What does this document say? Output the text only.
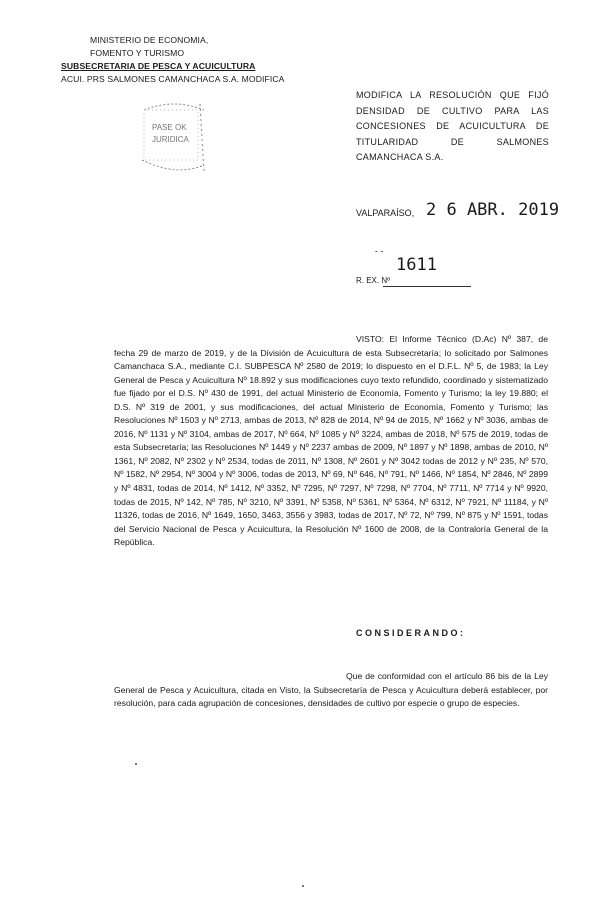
MINISTERIO DE ECONOMIA,
FOMENTO Y TURISMO
SUBSECRETARIA DE PESCA Y ACUICULTURA
ACUI. PRS SALMONES CAMANCHACA S.A. MODIFICA
PASE OK
JURIDICA
MODIFICA LA RESOLUCIÓN QUE FIJÓ DENSIDAD DE CULTIVO PARA LAS CONCESIONES DE ACUICULTURA DE TITULARIDAD DE SALMONES CAMANCHACA S.A.
VALPARAÍSO, 2 6 ABR. 2019
- -
1611
R. EX. Nº
VISTO: El Informe Técnico (D.Ac) Nº 387, de fecha 29 de marzo de 2019, y de la División de Acuicultura de esta Subsecretaría; lo solicitado por Salmones Camanchaca S.A., mediante C.I. SUBPESCA Nº 2580 de 2019; lo dispuesto en el D.F.L. Nº 5, de 1983; la Ley General de Pesca y Acuicultura Nº 18.892 y sus modificaciones cuyo texto refundido, coordinado y sistematizado fue fijado por el D.S. Nº 430 de 1991, del actual Ministerio de Economía, Fomento y Turismo; la ley 19.880; el D.S. Nº 319 de 2001, y sus modificaciones, del actual Ministerio de Economía, Fomento y Turismo; las Resoluciones Nº 1503 y Nº 2713, ambas de 2013, Nº 828 de 2014, Nº 94 de 2015, Nº 1662 y Nº 3036, ambas de 2016, Nº 1131 y Nº 3104, ambas de 2017, Nº 664, Nº 1085 y Nº 3224, ambas de 2018, Nº 575 de 2019, todas de esta Subsecretaría; las Resoluciones Nº 1449 y Nº 2237 ambas de 2009, Nº 1897 y Nº 1898, ambas de 2010, Nº 1361, Nº 2082, Nº 2302 y Nº 2534, todas de 2011, Nº 1308, Nº 2601 y Nº 3042 todas de 2012 y Nº 235, Nº 570, Nº 1582, Nº 2954, Nº 3004 y Nº 3006, todas de 2013, Nº 69, Nº 646, Nº 791, Nº 1466, Nº 1854, Nº 2846, Nº 2899 y Nº 4831, todas de 2014, Nº 1412, Nº 3352, Nº 7295, Nº 7297, Nº 7298, Nº 7704, Nº 7711, Nº 7714 y Nº 9920, todas de 2015, Nº 142, Nº 785, Nº 3210, Nº 3391, Nº 5358, Nº 5361, Nº 5364, Nº 6312, Nº 7921, Nº 11184, y Nº 11326, todas de 2016, Nº 1649, 1650, 3463, 3556 y 3983, todas de 2017, Nº 72, Nº 799, Nº 875 y Nº 1591, todas del Servicio Nacional de Pesca y Acuicultura, la Resolución Nº 1600 de 2008, de la Contraloría General de la República.
CONSIDERANDO:
Que de conformidad con el artículo 86 bis de la Ley General de Pesca y Acuicultura, citada en Visto, la Subsecretaría de Pesca y Acuicultura deberá establecer, por resolución, para cada agrupación de concesiones, densidades de cultivo por especie o grupo de especies.
